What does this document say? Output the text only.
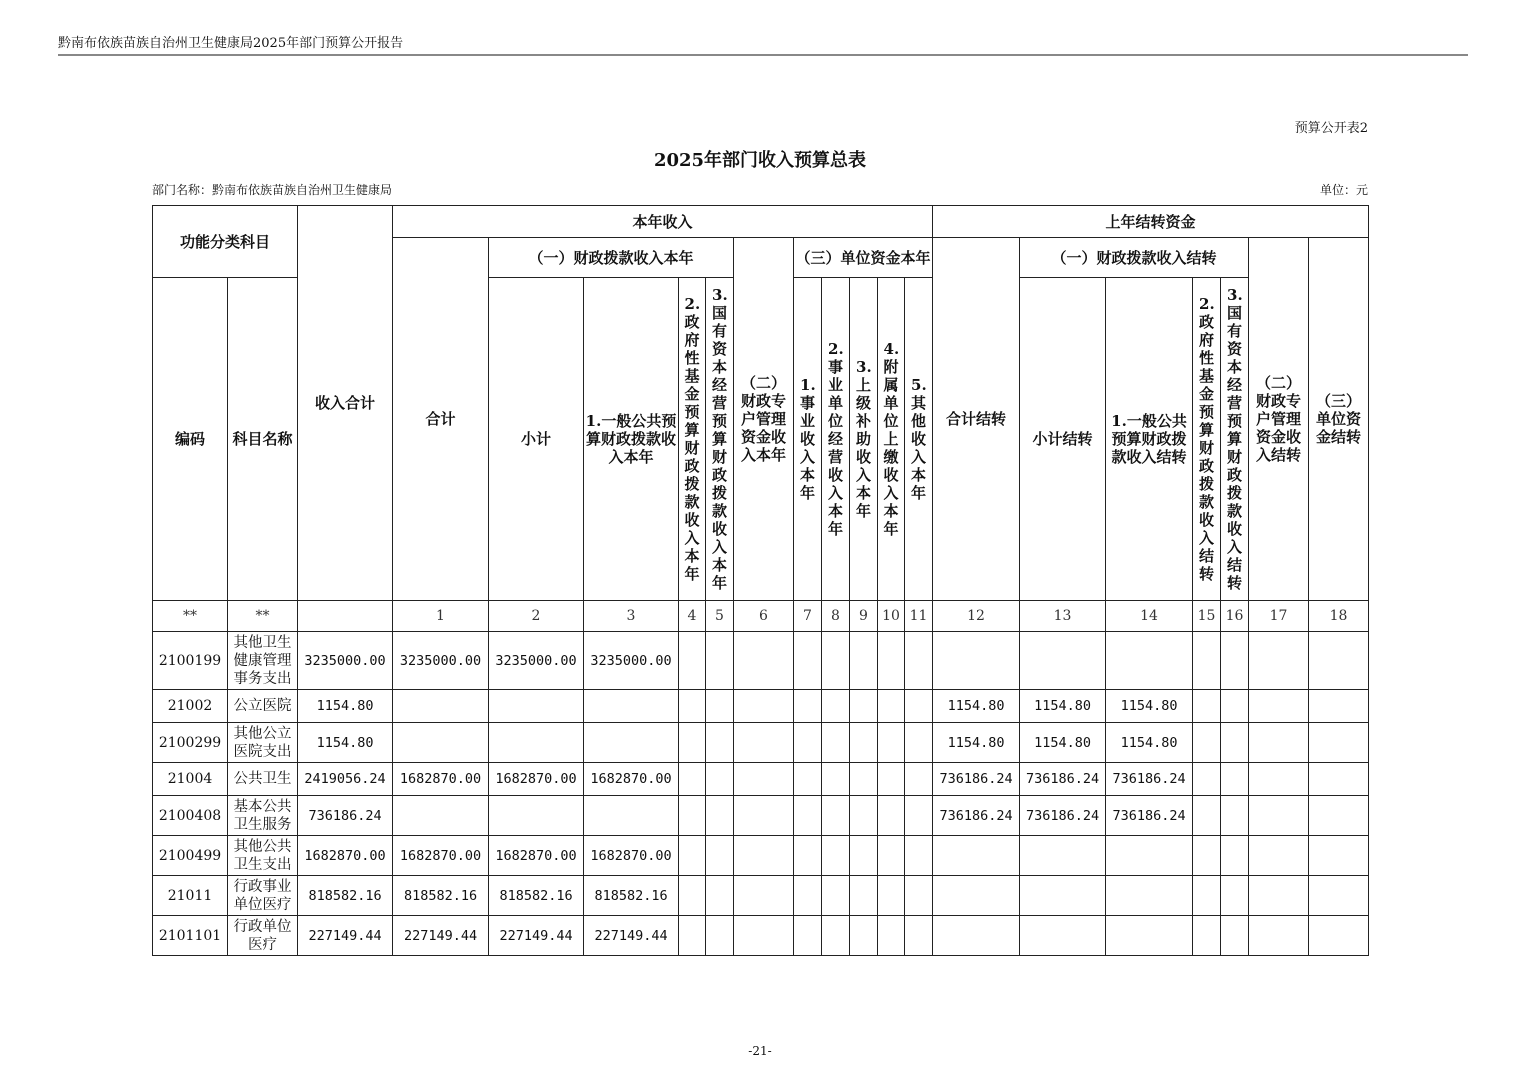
黔南布依族苗族自治州卫生健康局2025年部门预算公开报告
预算公开表2
2025年部门收入预算总表
部门名称：黔南布依族苗族自治州卫生健康局	单位：元
功能分类科目		收入合计	本年收入											上年结转资金						
			合计	（一）财政拨款收入本年				（二）财政专户管理资金收入本年	（三）单位资金本年					合计结转	（一）财政拨款收入结转				（二）财政专户管理资金收入结转	（三）单位资金结转
编码	科目名称			小计	1.一般公共预算财政拨款收入本年	2.政府性基金预算财政拨款收入本年	3.国有资本经营预算财政拨款收入本年		1.事业收入本年	2.事业单位经营收入本年	3.上级补助收入本年	4.附属单位上缴收入本年	5.其他收入本年		小计结转	1.一般公共预算财政拨款收入结转	2.政府性基金预算财政拨款收入结转	3.国有资本经营预算财政拨款收入结转		

**	**		1	2	3	4	5	6	7	8	9	10	11	12	13	14	15	16	17	18
2100199	其他卫生健康管理事务支出	3235000.00	3235000.00	3235000.00	3235000.00															
21002	公立医院	1154.80												1154.80	1154.80	1154.80				
2100299	其他公立医院支出	1154.80												1154.80	1154.80	1154.80				
21004	公共卫生	2419056.24	1682870.00	1682870.00	1682870.00									736186.24	736186.24	736186.24				
2100408	基本公共卫生服务	736186.24												736186.24	736186.24	736186.24				
2100499	其他公共卫生支出	1682870.00	1682870.00	1682870.00	1682870.00															
21011	行政事业单位医疗	818582.16	818582.16	818582.16	818582.16															
2101101	行政单位医疗	227149.44	227149.44	227149.44	227149.44															
-21-
